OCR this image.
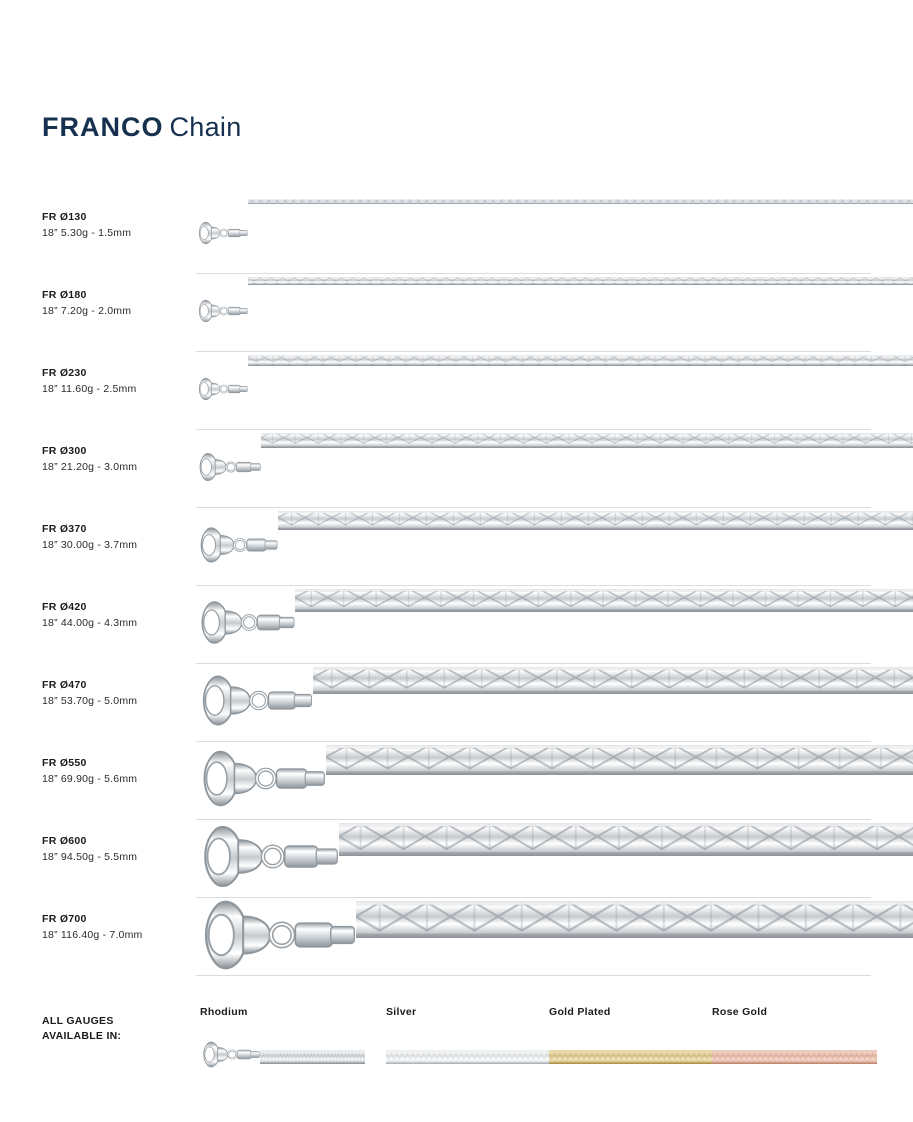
FRANCO Chain
FR Ø130
18” 5.30g - 1.5mm
FR Ø180
18” 7.20g - 2.0mm
FR Ø230
18” 11.60g - 2.5mm
FR Ø300
18” 21.20g - 3.0mm
FR Ø370
18” 30.00g - 3.7mm
FR Ø420
18” 44.00g - 4.3mm
FR Ø470
18” 53.70g - 5.0mm
FR Ø550
18” 69.90g - 5.6mm
FR Ø600
18” 94.50g - 5.5mm
FR Ø700
18” 116.40g - 7.0mm
ALL GAUGES
AVAILABLE IN:
Rhodium	Silver	Gold Plated	Rose Gold
